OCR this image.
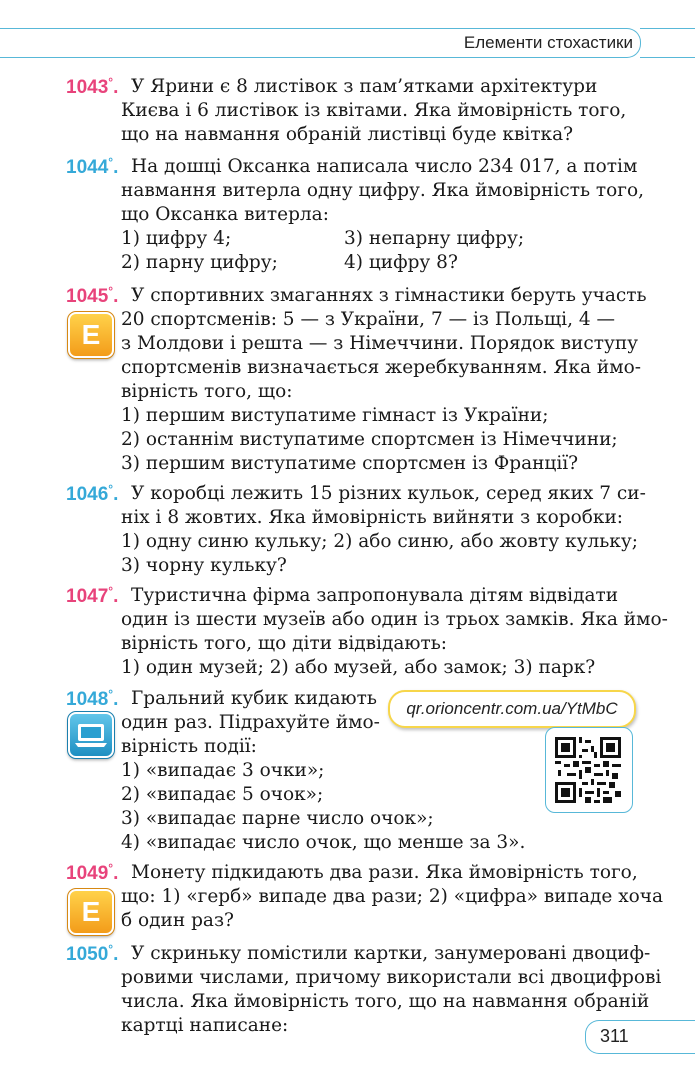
Елементи стохастики
1043°. У Ярини є 8 листівок з пам’ятками архітектури
Києва і 6 листівок із квітами. Яка ймовірність того,
що на навмання обраній листівці буде квітка?
1044°. На дошці Оксанка написала число 234 017, а потім
навмання витерла одну цифру. Яка ймовірність того,
що Оксанка витерла:
1) цифру 4;	3) непарну цифру;
2) парну цифру;	4) цифру 8?
1045°.
E
У спортивних змаганнях з гімнастики беруть участь
20 спортсменів: 5 — з України, 7 — із Польщі, 4 —
з Молдови і решта — з Німеччини. Порядок виступу
спортсменів визначається жеребкуванням. Яка ймо-
вірність того, що:
1) першим виступатиме гімнаст із України;
2) останнім виступатиме спортсмен із Німеччини;
3) першим виступатиме спортсмен із Франції?
1046°. У коробці лежить 15 різних кульок, серед яких 7 си-
ніх і 8 жовтих. Яка ймовірність вийняти з коробки:
1) одну синю кульку; 2) або синю, або жовту кульку;
3) чорну кульку?
1047°. Туристична фірма запропонувала дітям відвідати
один із шести музеїв або один із трьох замків. Яка ймо-
вірність того, що діти відвідають:
1) один музей; 2) або музей, або замок; 3) парк?
1048°. Гральний кубик кидають
один раз. Підрахуйте ймо-
вірність події:
1) «випадає 3 очки»;
2) «випадає 5 очок»;
3) «випадає парне число очок»;
4) «випадає число очок, що менше за 3».
qr.orioncentr.com.ua/YtMbC
1049°.
E
Монету підкидають два рази. Яка ймовірність того,
що: 1) «герб» випаде два рази; 2) «цифра» випаде хоча
б один раз?
1050°. У скриньку помістили картки, занумеровані двоциф-
ровими числами, причому використали всі двоцифрові
числа. Яка ймовірність того, що на навмання обраній
картці написане:	311
